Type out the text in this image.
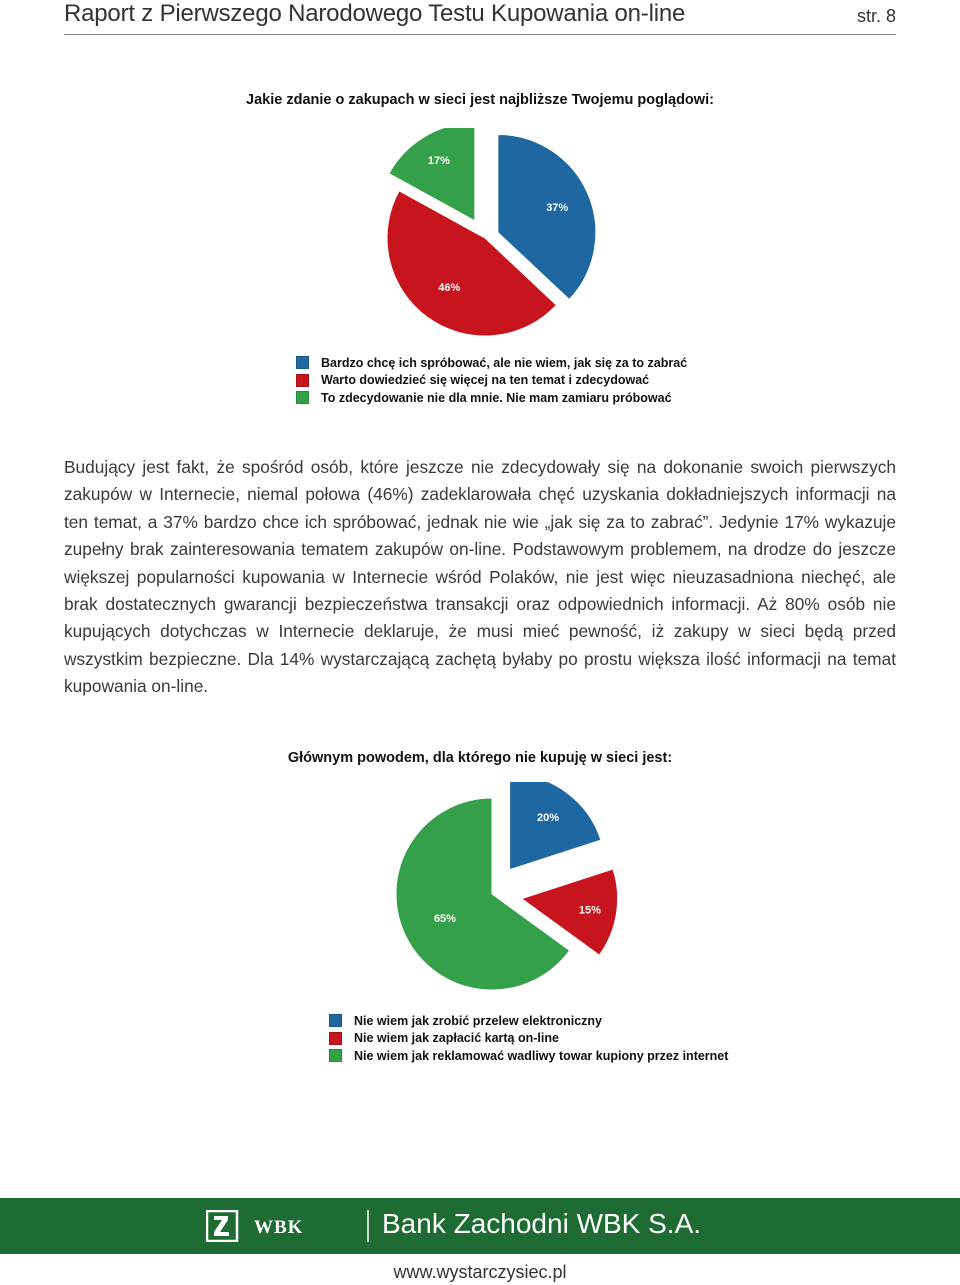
Raport z Pierwszego Narodowego Testu Kupowania on-line	str. 8
Jakie zdanie o zakupach w sieci jest najbliższe Twojemu poglądowi:
37%
46%
17%
Bardzo chcę ich spróbować, ale nie wiem, jak się za to zabrać
Warto dowiedzieć się więcej na ten temat i zdecydować
To zdecydowanie nie dla mnie. Nie mam zamiaru próbować

Budujący jest fakt, że spośród osób, które jeszcze nie zdecydowały się na dokonanie swoich pierwszych zakupów w Internecie, niemal połowa (46%) zadeklarowała chęć uzyskania dokładniejszych informacji na ten temat, a 37% bardzo chce ich spróbować, jednak nie wie „jak się za to zabrać”. Jedynie 17% wykazuje zupełny brak zainteresowania tematem zakupów on-line. Podstawowym problemem, na drodze do jeszcze większej popularności kupowania w Internecie wśród Polaków, nie jest więc nieuzasadniona niechęć, ale brak dostatecznych gwarancji bezpieczeństwa transakcji oraz odpowiednich informacji. Aż 80% osób nie kupujących dotychczas w Internecie deklaruje, że musi mieć pewność, iż zakupy w sieci będą przed wszystkim bezpieczne. Dla 14% wystarczającą zachętą byłaby po prostu większa ilość informacji na temat kupowania on-line.

Głównym powodem, dla którego nie kupuję w sieci jest:
20%
15%
65%
Nie wiem jak zrobić przelew elektroniczny
Nie wiem jak zapłacić kartą on-line
Nie wiem jak reklamować wadliwy towar kupiony przez internet
WBK	Bank Zachodni WBK S.A.
www.wystarczysiec.pl
